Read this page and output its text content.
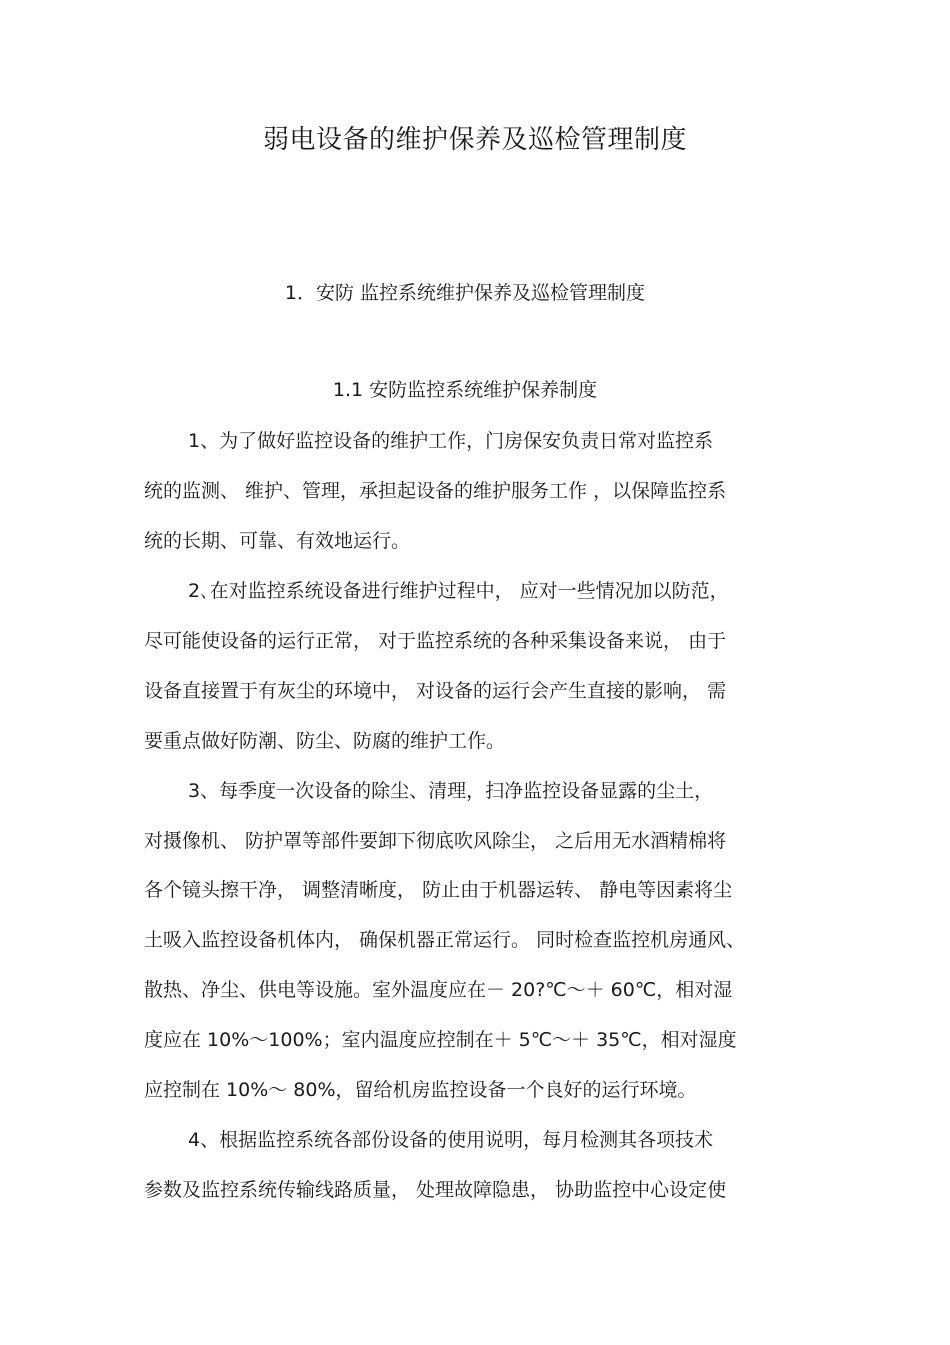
弱电设备的维护保养及巡检管理制度
1．安防 监控系统维护保养及巡检管理制度
1.1 安防监控系统维护保养制度
1、为了做好监控设备的维护工作，门房保安负责日常对监控系
统的监测、 维护、管理，承担起设备的维护服务工作 ，以保障监控系
统的长期、可靠、有效地运行。
2､在对监控系统设备进行维护过程中， 应对一些情况加以防范，
尽可能使设备的运行正常， 对于监控系统的各种采集设备来说， 由于
设备直接置于有灰尘的环境中， 对设备的运行会产生直接的影响， 需
要重点做好防潮、防尘、防腐的维护工作。
3、每季度一次设备的除尘、清理，扫净监控设备显露的尘土，
对摄像机、 防护罩等部件要卸下彻底吹风除尘， 之后用无水酒精棉将
各个镜头擦干净， 调整清晰度， 防止由于机器运转、 静电等因素将尘
土吸入监控设备机体内， 确保机器正常运行。 同时检查监控机房通风、
散热、净尘、供电等设施。室外温度应在－ 20?℃～＋ 60℃，相对湿
度应在 10%～100%；室内温度应控制在＋ 5℃～＋ 35℃，相对湿度
应控制在 10%～ 80%，留给机房监控设备一个良好的运行环境。
4、根据监控系统各部份设备的使用说明，每月检测其各项技术
参数及监控系统传输线路质量， 处理故障隐患， 协助监控中心设定使
